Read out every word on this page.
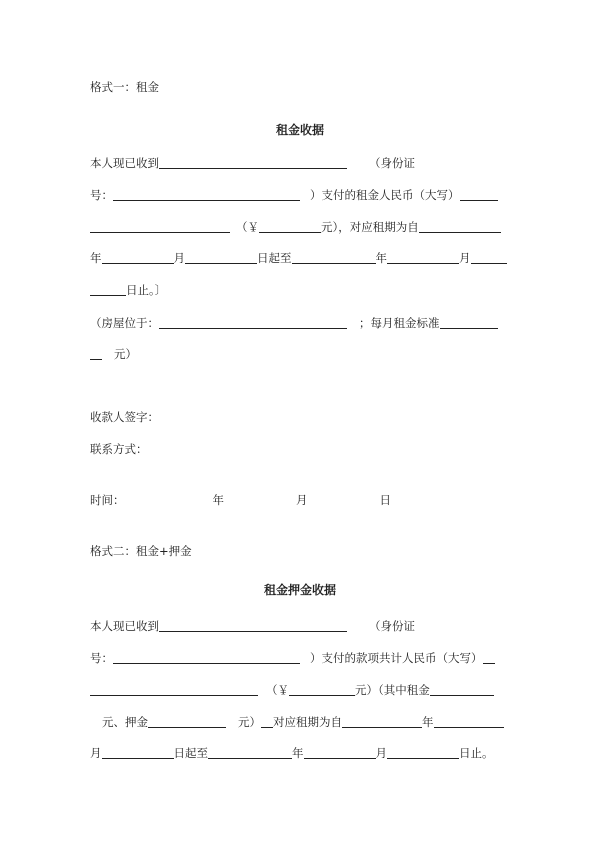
格式一：租金
租金收据
本人现已收到	（身份证
号：	）支付的租金人民币（大写）
（￥	元），对应租期为自
年	月	日起至	年	月
日止。〕
（房屋位于：	；每月租金标准
元）
收款人签字：
联系方式：
时间：	年	月	日
格式二：租金+押金
租金押金收据
本人现已收到	（身份证
号：	）支付的款项共计人民币（大写）
（￥	元）（其中租金
元、押金	元） 对应租期为自	年
月	日起至	年	月	日止。
